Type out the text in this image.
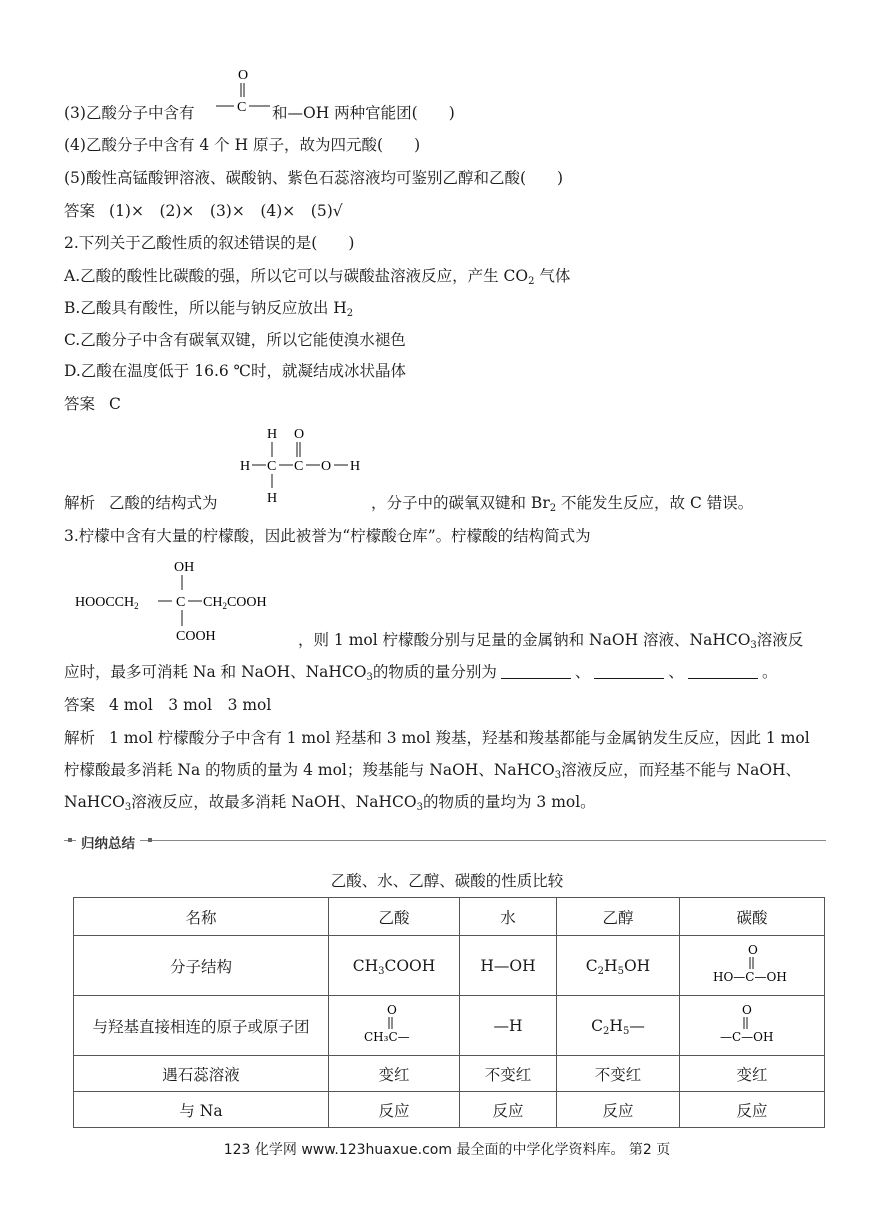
(3)乙酸分子中含有
O
C 和—OH 两种官能团(　　)
(4)乙酸分子中含有 4 个 H 原子，故为四元酸(　　)
(5)酸性高锰酸钾溶液、碳酸钠、紫色石蕊溶液均可鉴别乙醇和乙酸(　　)
答案 (1)×　(2)×　(3)×　(4)×　(5)√
2.下列关于乙酸性质的叙述错误的是(　　)
A.乙酸的酸性比碳酸的强，所以它可以与碳酸盐溶液反应，产生 $CO_2$ 气体
B.乙酸具有酸性，所以能与钠反应放出 $H_2$
C.乙酸分子中含有碳氧双键，所以它能使溴水褪色
D.乙酸在温度低于 16.6 ℃时，就凝结成冰状晶体
答案 C
H O
H C C O H
H
解析 乙酸的结构式为	，分子中的碳氧双键和 $Br_2$ 不能发生反应，故 C 错误。
3.柠檬中含有大量的柠檬酸，因此被誉为“柠檬酸仓库”。柠檬酸的结构简式为
OH
$HOOCCH_2$	C $CH_2COOH$
COOH	，则 1 mol 柠檬酸分别与足量的金属钠和 NaOH 溶液、NaHCO$_3$溶液反
应时，最多可消耗 Na 和 NaOH、NaHCO$_3$的物质的量分别为	、	、	。
答案 4 mol　3 mol　3 mol
解析 1 mol 柠檬酸分子中含有 1 mol 羟基和 3 mol 羧基，羟基和羧基都能与金属钠发生反应，因此 1 mol
柠檬酸最多消耗 Na 的物质的量为 4 mol；羧基能与 NaOH、NaHCO$_3$溶液反应，而羟基不能与 NaOH、
NaHCO$_3$溶液反应，故最多消耗 NaOH、NaHCO$_3$的物质的量均为 3 mol。
归纳总结
乙酸、水、乙醇、碳酸的性质比较
名称	乙酸	水	乙醇	碳酸
分子结构	$CH_3COOH$	H—OH	$C_2H_5OH$	O
HO—C—OH

与羟基直接相连的原子或原子团	O
CH₃C—	—H	$C_2H_5—$	O
—C—OH

遇石蕊溶液	变红	不变红	不变红	变红
与 Na	反应	反应	反应	反应
123 化学网 www.123huaxue.com 最全面的中学化学资料库。 第2 页
